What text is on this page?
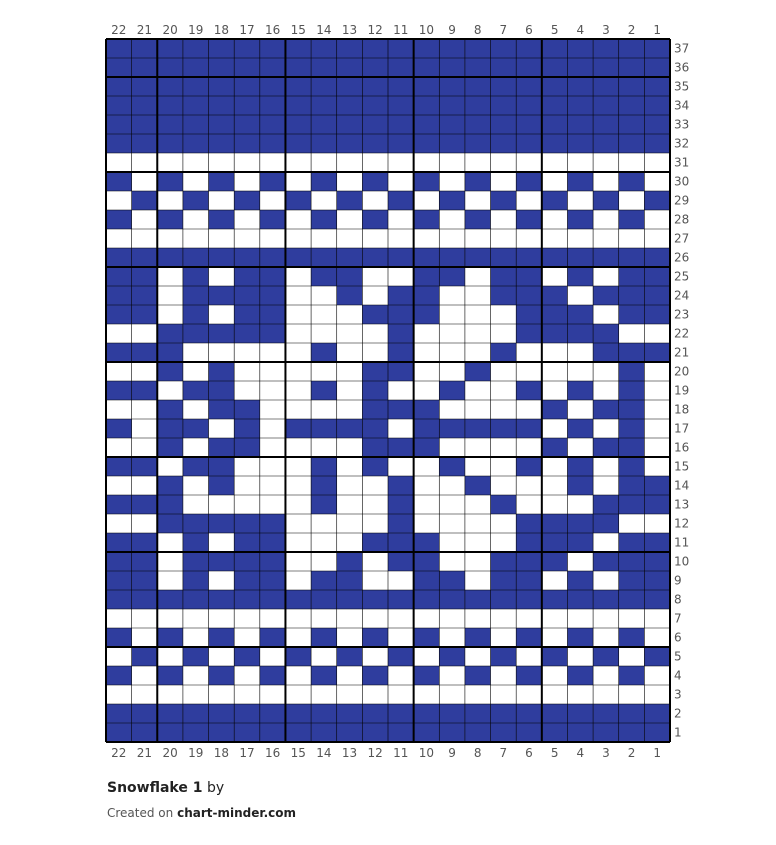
22 21 20 19 18 17 16 15 14 13 12 11 10 9 8 7 6 5 4 3 2 1
37
36
35
34
33
32
31
30
29
28
27
26
25
24
23
22
21
20
19
18
17
16
15
14
13
12
11
10
9
8
7
6
5
4
3
2
1
22 21 20 19 18 17 16 15 14 13 12 11 10 9 8 7 6 5 4 3 2 1
Snowflake 1 by
Created on chart-minder.com
